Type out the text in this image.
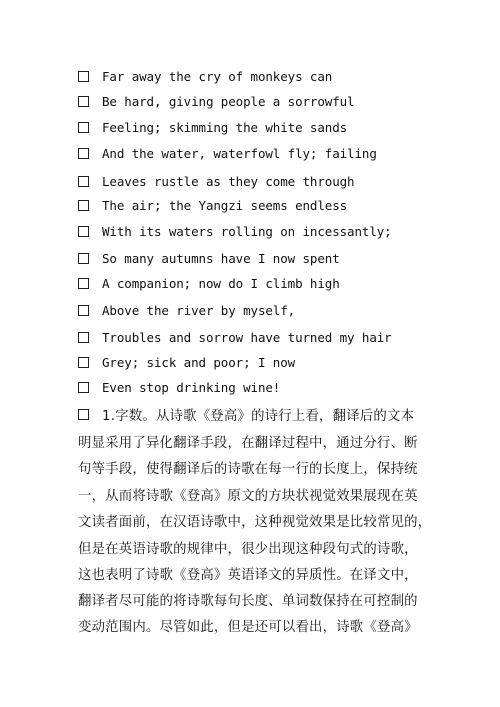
Far away the cry of monkeys can
Be hard, giving people a sorrowful
Feeling; skimming the white sands
And the water, waterfowl fly; failing
Leaves rustle as they come through
The air; the Yangzi seems endless
With its waters rolling on incessantly;
So many autumns have I now spent
A companion; now do I climb high
Above the river by myself,
Troubles and sorrow have turned my hair
Grey; sick and poor; I now
Even stop drinking wine!
1.字数。从诗歌《登高》的诗行上看，翻译后的文本
明显采用了异化翻译手段，在翻译过程中，通过分行、断
句等手段，使得翻译后的诗歌在每一行的长度上，保持统
一，从而将诗歌《登高》原文的方块状视觉效果展现在英
文读者面前，在汉语诗歌中，这种视觉效果是比较常见的，
但是在英语诗歌的规律中，很少出现这种段句式的诗歌，
这也表明了诗歌《登高》英语译文的异质性。在译文中，
翻译者尽可能的将诗歌每句长度、单词数保持在可控制的
变动范围内。尽管如此，但是还可以看出，诗歌《登高》
